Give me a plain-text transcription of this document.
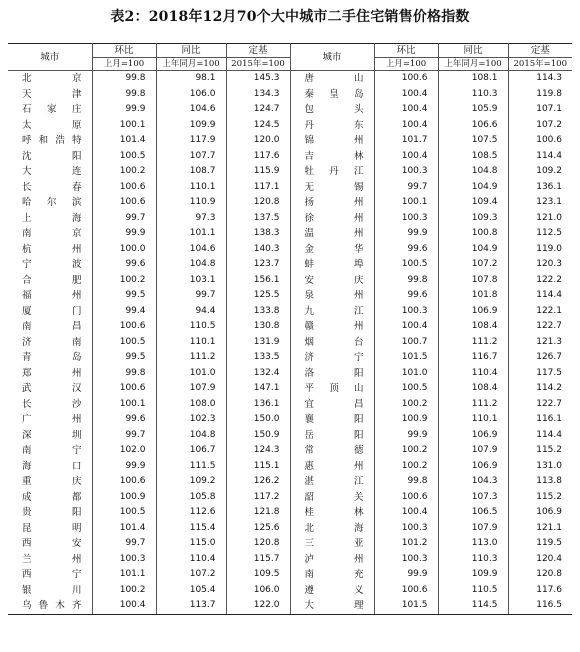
表2：2018年12月70个大中城市二手住宅销售价格指数
城市	环比	同比	定基	城市	环比	同比	定基
	上月=100	上年同月=100	2015年=100		上月=100	上年同月=100	2015年=100
北京	99.8	98.1	145.3	唐山	100.6	108.1	114.3
天津	99.8	106.0	134.3	秦皇岛	100.4	110.3	119.8
石家庄	99.9	104.6	124.7	包头	100.4	105.9	107.1
太原	100.1	109.9	124.5	丹东	100.4	106.6	107.2
呼和浩特	101.4	117.9	120.0	锦州	101.7	107.5	100.6
沈阳	100.5	107.7	117.6	吉林	100.4	108.5	114.4
大连	100.2	108.7	115.9	牡丹江	100.3	104.8	109.2
长春	100.6	110.1	117.1	无锡	99.7	104.9	136.1
哈尔滨	100.6	110.9	120.8	扬州	100.1	109.4	123.1
上海	99.7	97.3	137.5	徐州	100.3	109.3	121.0
南京	99.9	101.1	138.3	温州	99.9	100.8	112.5
杭州	100.0	104.6	140.3	金华	99.6	104.9	119.0
宁波	99.6	104.8	123.7	蚌埠	100.5	107.2	120.3
合肥	100.2	103.1	156.1	安庆	99.8	107.8	122.2
福州	99.5	99.7	125.5	泉州	99.6	101.8	114.4
厦门	99.4	94.4	133.8	九江	100.3	106.9	122.1
南昌	100.6	110.5	130.8	赣州	100.4	108.4	122.7
济南	100.5	110.1	131.9	烟台	100.7	111.2	121.3
青岛	99.5	111.2	133.5	济宁	101.5	116.7	126.7
郑州	99.8	101.0	132.4	洛阳	101.0	110.4	117.5
武汉	100.6	107.9	147.1	平顶山	100.5	108.4	114.2
长沙	100.1	108.0	136.1	宜昌	100.2	111.2	122.7
广州	99.6	102.3	150.0	襄阳	100.9	110.1	116.1
深圳	99.7	104.8	150.9	岳阳	99.9	106.9	114.4
南宁	102.0	106.7	124.3	常德	100.2	107.9	115.2
海口	99.9	111.5	115.1	惠州	100.2	106.9	131.0
重庆	100.6	109.2	126.2	湛江	99.8	104.3	113.8
成都	100.9	105.8	117.2	韶关	100.6	107.3	115.2
贵阳	100.5	112.6	121.8	桂林	100.4	106.5	106.9
昆明	101.4	115.4	125.6	北海	100.3	107.9	121.1
西安	99.7	115.0	120.8	三亚	101.2	113.0	119.5
兰州	100.3	110.4	115.7	泸州	100.3	110.3	120.4
西宁	101.1	107.2	109.5	南充	99.9	109.9	120.8
银川	100.2	105.4	106.0	遵义	100.6	110.5	117.6
乌鲁木齐	100.4	113.7	122.0	大理	101.5	114.5	116.5
